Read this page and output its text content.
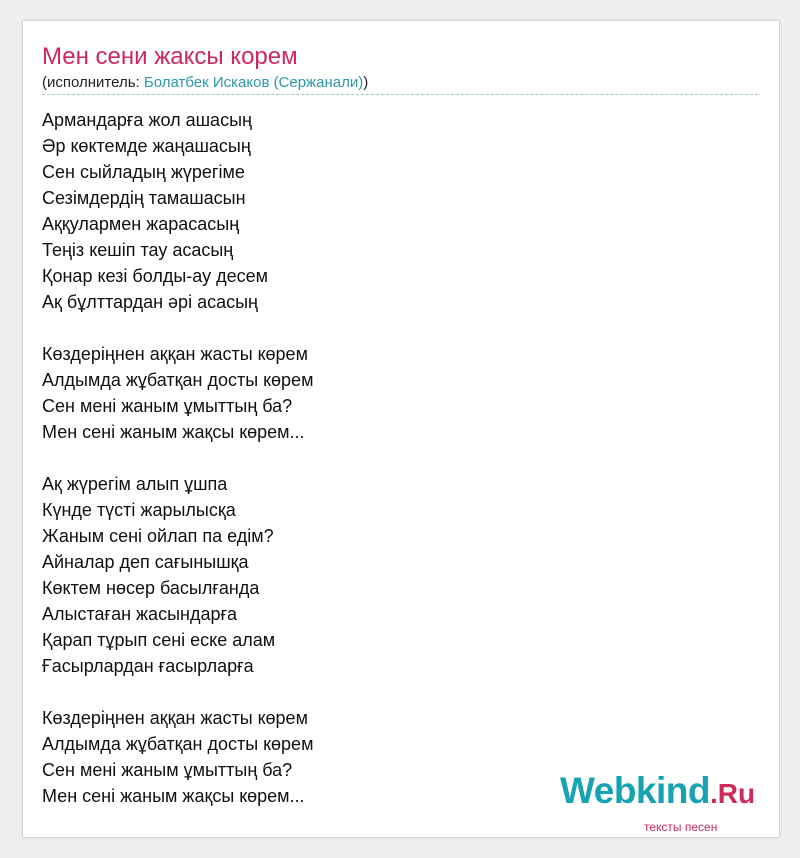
Мен сени жаксы корем
(исполнитель: Болатбек Искаков (Сержанали))
Армандарға жол ашасың
Әр көктемде жаңашасың
Сен сыйладың жүрегіме
Сезімдердің тамашасын
Аққулармен жарасасың
Теңіз кешіп тау асасың
Қонар кезі болды-ау десем
Ақ бұлттардан әрі асасың
Көздеріңнен аққан жасты көрем
Алдымда жұбатқан досты көрем
Сен мені жаным ұмыттың ба?
Мен сені жаным жақсы көрем...
Ақ жүрегім алып ұшпа
Күнде түсті жарылысқа
Жаным сені ойлап па едім?
Айналар деп сағынышқа
Көктем нөсер басылғанда
Алыстаған жасындарға
Қарап тұрып сені еске алам
Ғасырлардан ғасырларға
Көздеріңнен аққан жасты көрем
Алдымда жұбатқан досты көрем
Сен мені жаным ұмыттың ба?
Мен сені жаным жақсы көрем...	Webkind.Ru
тексты песен
